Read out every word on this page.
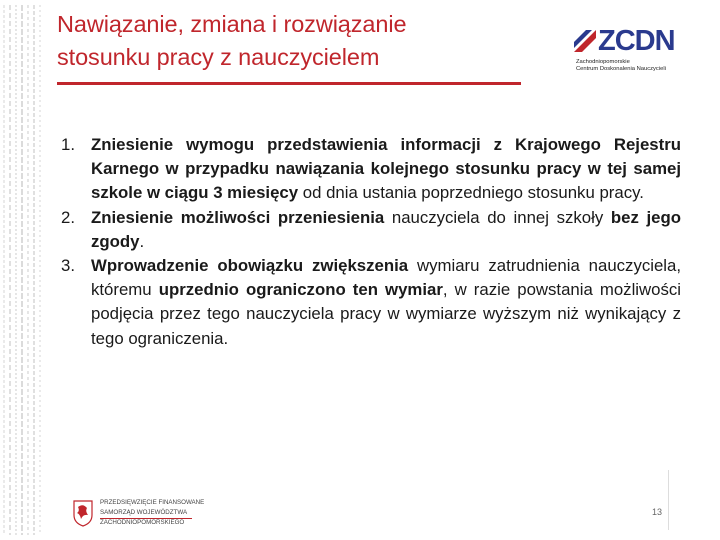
Nawiązanie, zmiana i rozwiązanie
stosunku pracy z nauczycielem	ZCDN
Zachodniopomorskie
Centrum Doskonalenia Nauczycieli
1. Zniesienie wymogu przedstawienia informacji z Krajowego Rejestru Karnego w przypadku nawiązania kolejnego stosunku pracy w tej samej szkole w ciągu 3 miesięcy od dnia ustania poprzedniego stosunku pracy.
2. Zniesienie możliwości przeniesienia nauczyciela do innej szkoły bez jego zgody.
3. Wprowadzenie obowiązku zwiększenia wymiaru zatrudnienia nauczyciela, któremu uprzednio ograniczono ten wymiar, w razie powstania możliwości podjęcia przez tego nauczyciela pracy w wymiarze wyższym niż wynikający z tego ograniczenia.
PRZEDSIĘWZIĘCIE FINANSOWANE
SAMORZĄD WOJEWÓDZTWA
ZACHODNIOPOMORSKIEGO
13
